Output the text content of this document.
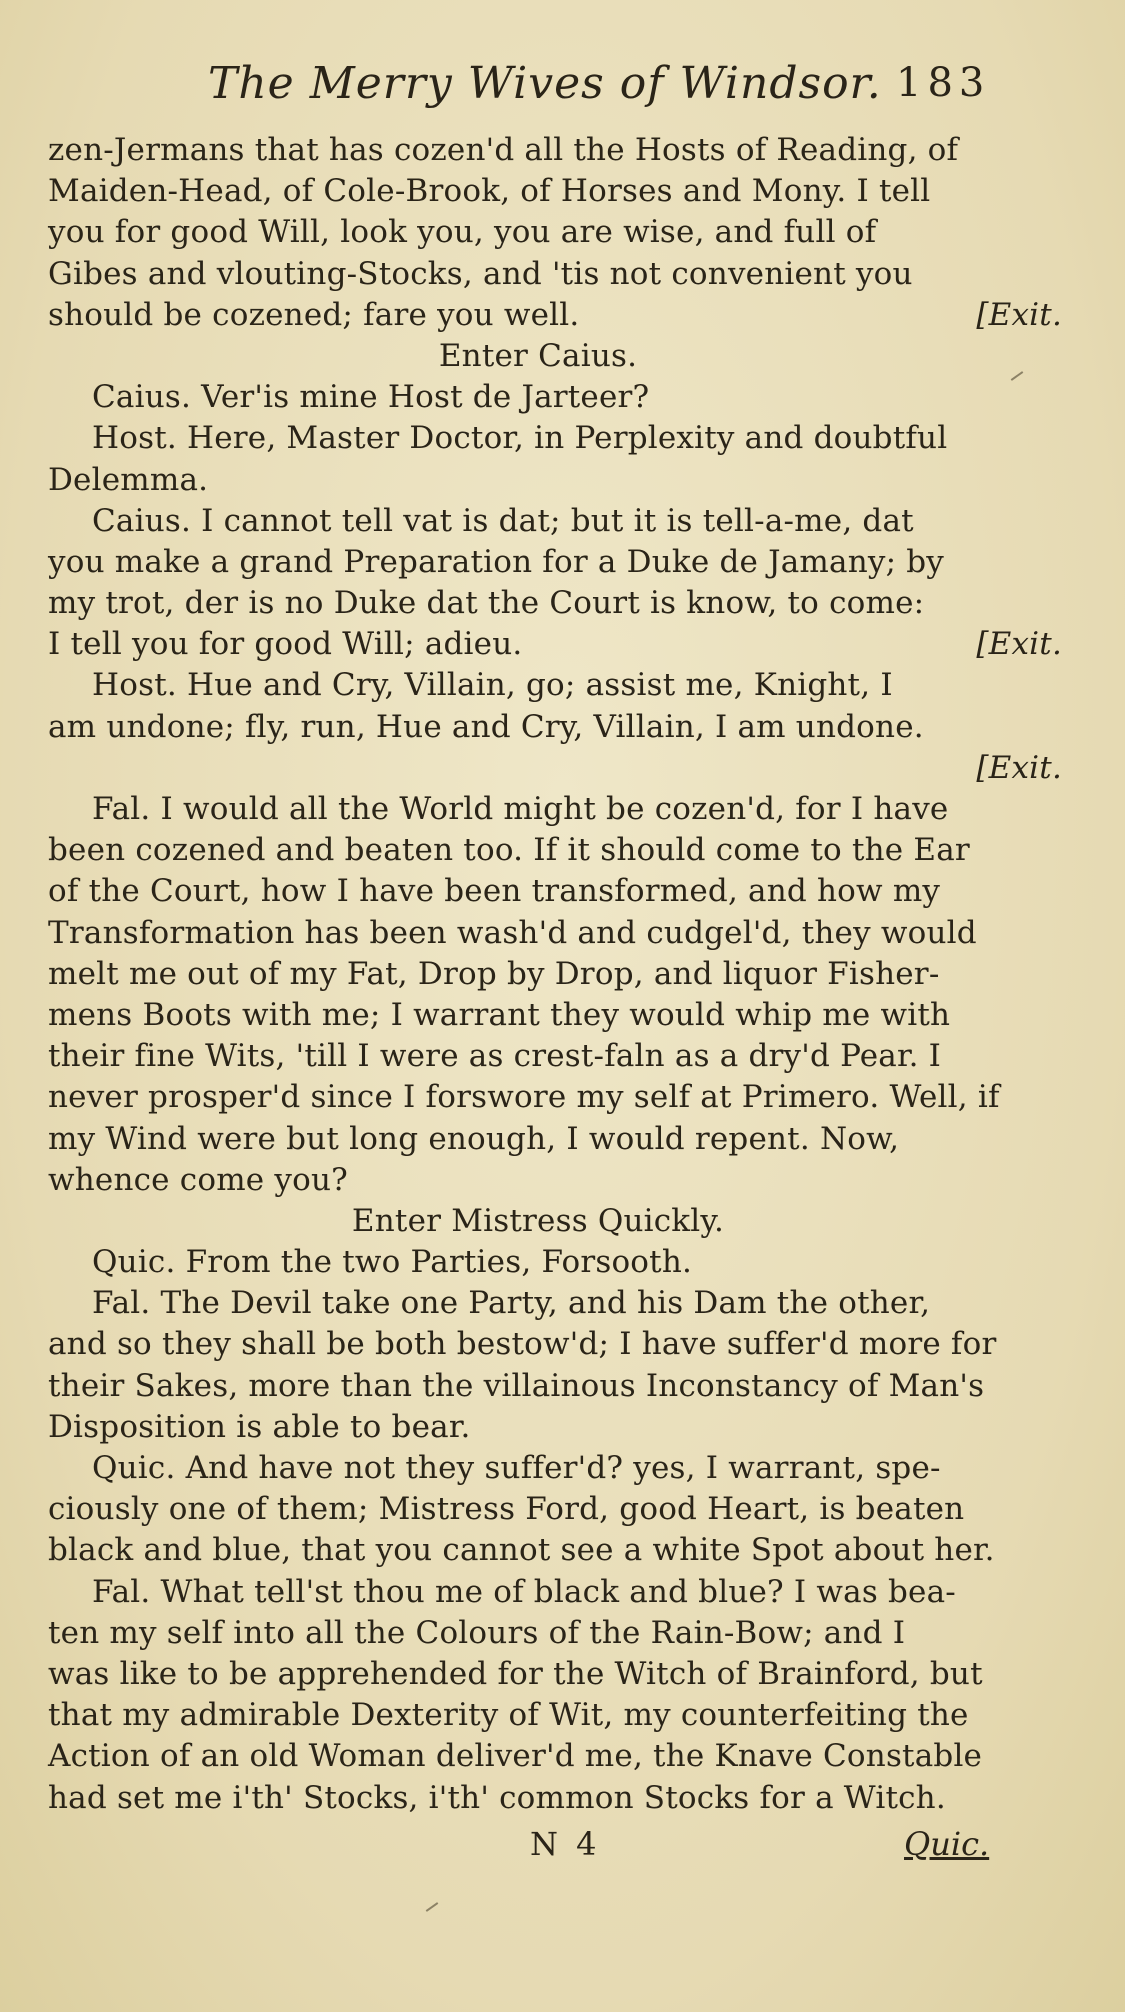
The Merry Wives of Windsor. 183
zen-Jermans that has cozen'd all the Hosts of Reading, of
Maiden-Head, of Cole-Brook, of Horses and Mony. I tell
you for good Will, look you, you are wise, and full of
Gibes and vlouting-Stocks, and 'tis not convenient you
should be cozened; fare you well.	[Exit.
Enter Caius.
Caius. Ver'is mine Host de Jarteer?
Host. Here, Master Doctor, in Perplexity and doubtful
Delemma.
Caius. I cannot tell vat is dat; but it is tell-a-me, dat
you make a grand Preparation for a Duke de Jamany; by
my trot, der is no Duke dat the Court is know, to come:
I tell you for good Will; adieu.	[Exit.
Host. Hue and Cry, Villain, go; assist me, Knight, I
am undone; fly, run, Hue and Cry, Villain, I am undone.
[Exit.
Fal. I would all the World might be cozen'd, for I have
been cozened and beaten too. If it should come to the Ear
of the Court, how I have been transformed, and how my
Transformation has been wash'd and cudgel'd, they would
melt me out of my Fat, Drop by Drop, and liquor Fisher-
mens Boots with me; I warrant they would whip me with
their fine Wits, 'till I were as crest-faln as a dry'd Pear. I
never prosper'd since I forswore my self at Primero. Well, if
my Wind were but long enough, I would repent. Now,
whence come you?
Enter Mistress Quickly.
Quic. From the two Parties, Forsooth.
Fal. The Devil take one Party, and his Dam the other,
and so they shall be both bestow'd; I have suffer'd more for
their Sakes, more than the villainous Inconstancy of Man's
Disposition is able to bear.
Quic. And have not they suffer'd? yes, I warrant, spe-
ciously one of them; Mistress Ford, good Heart, is beaten
black and blue, that you cannot see a white Spot about her.
Fal. What tell'st thou me of black and blue? I was bea-
ten my self into all the Colours of the Rain-Bow; and I
was like to be apprehended for the Witch of Brainford, but
that my admirable Dexterity of Wit, my counterfeiting the
Action of an old Woman deliver'd me, the Knave Constable
had set me i'th' Stocks, i'th' common Stocks for a Witch.
N 4	Quic.
